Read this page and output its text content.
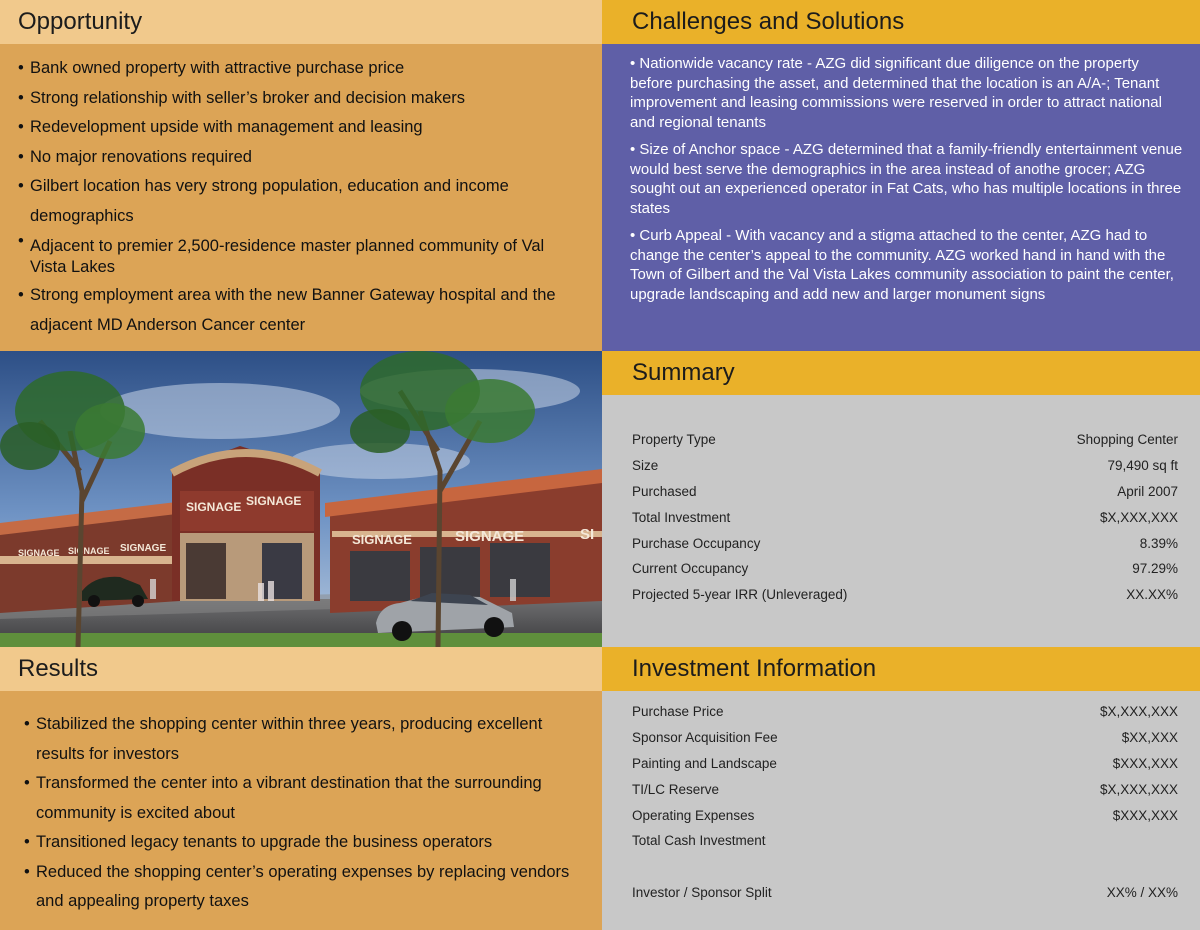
Opportunity
• Bank owned property with attractive purchase price
• Strong relationship with seller’s broker and decision makers
• Redevelopment upside with management and leasing
• No major renovations required
• Gilbert location has very strong population, education and income demographics
• Adjacent to premier 2,500-residence master planned community of Val Vista Lakes
• Strong employment area with the new Banner Gateway hospital and the adjacent MD Anderson Cancer center
Challenges and Solutions

• Nationwide vacancy rate - AZG did significant due diligence on the property before purchasing the asset, and determined that the location is an A/A-; Tenant improvement and leasing commissions were reserved in order to attract national and regional tenants

• Size of Anchor space - AZG determined that a family-friendly entertainment venue would best serve the demographics in the area instead of anothe grocer; AZG sought out an experienced operator in Fat Cats, who has multiple locations in three states

• Curb Appeal - With vacancy and a stigma attached to the center, AZG had to change the center’s appeal to the community. AZG worked hand in hand with the Town of Gilbert and the Val Vista Lakes community association to paint the center, upgrade landscaping and add new and larger monument signs

SIGNAGE SIGNAGE SIGNAGE
SIGNAGE SIGNAGE
SIGNAGE	SIGNAGE	SI
Summary
Property Type	Shopping Center
Size	79,490 sq ft
Purchased	April 2007
Total Investment	$X,XXX,XXX
Purchase Occupancy	8.39%
Current Occupancy	97.29%
Projected 5-year IRR (Unleveraged)	XX.XX%
Results
• Stabilized the shopping center within three years, producing excellent results for investors
• Transformed the center into a vibrant destination that the surrounding community is excited about
• Transitioned legacy tenants to upgrade the business operators
• Reduced the shopping center’s operating expenses by replacing vendors and appealing property taxes
Investment Information
Purchase Price	$X,XXX,XXX
Sponsor Acquisition Fee	$XX,XXX
Painting and Landscape	$XXX,XXX
TI/LC Reserve	$X,XXX,XXX
Operating Expenses	$XXX,XXX
Total Cash Investment
Investor / Sponsor Split	XX% / XX%
